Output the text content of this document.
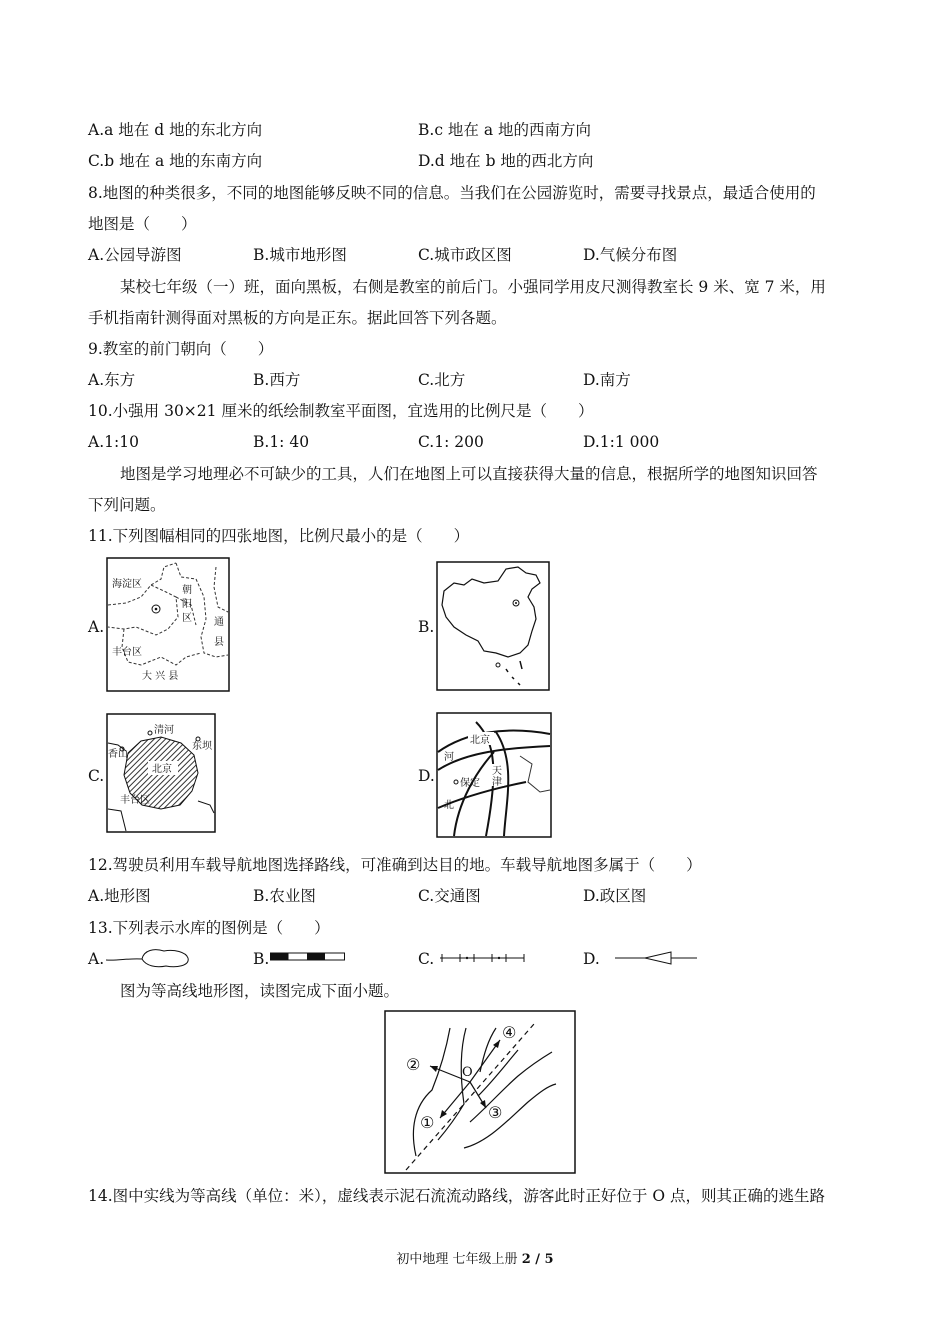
A.a 地在 d 地的东北方向	B.c 地在 a 地的西南方向
C.b 地在 a 地的东南方向	D.d 地在 b 地的西北方向
8.地图的种类很多，不同的地图能够反映不同的信息。当我们在公园游览时，需要寻找景点，最适合使用的
地图是（　　）
A.公园导游图	B.城市地形图	C.城市政区图	D.气候分布图
某校七年级（一）班，面向黑板，右侧是教室的前后门。小强同学用皮尺测得教室长 9 米、宽 7 米，用
手机指南针测得面对黑板的方向是正东。据此回答下列各题。
9.教室的前门朝向（　　）
A.东方	B.西方	C.北方	D.南方
10.小强用 30×21 厘米的纸绘制教室平面图，宜选用的比例尺是（　　）
A.1:10	B.1: 40	C.1: 200	D.1:1 000
地图是学习地理必不可缺少的工具，人们在地图上可以直接获得大量的信息，根据所学的地图知识回答
下列问题。
11.下列图幅相同的四张地图，比例尺最小的是（　　）
A.
海淀区
朝
阳
区
丰台区
通
县
大 兴 县
B.
C.
清河
香山
东坝
北京
丰台区
D.
北京
河
天
津
保定
北
12.驾驶员利用车载导航地图选择路线，可准确到达目的地。车载导航地图多属于（　　）
A.地形图	B.农业图	C.交通图	D.政区图
13.下列表示水库的图例是（　　）
A.	B.	C.	D.
图为等高线地形图，读图完成下面小题。
O
①
②
③
④
14.图中实线为等高线（单位：米），虚线表示泥石流流动路线，游客此时正好位于 O 点，则其正确的逃生路
初中地理 七年级上册 2 / 5
